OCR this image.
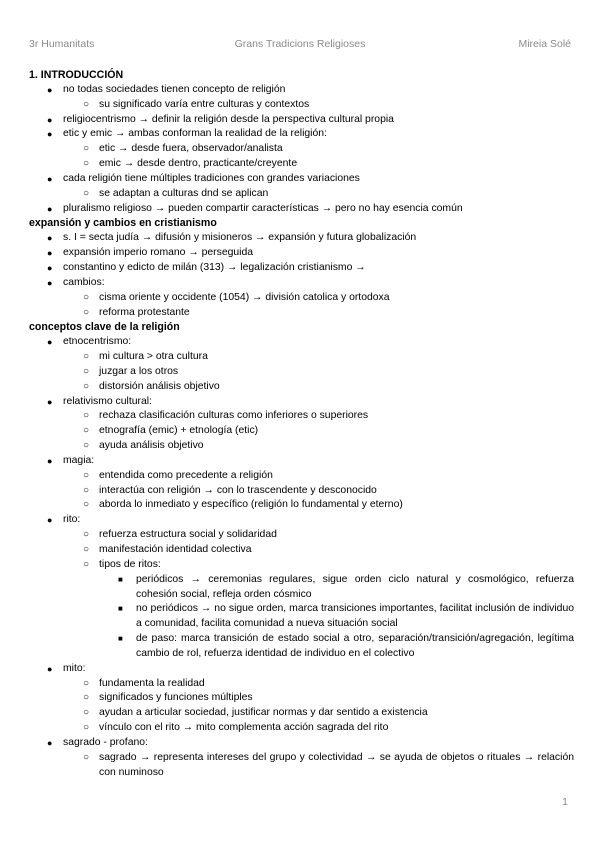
3r Humanitats	Grans Tradicions Religioses	Mireia Solé
1. INTRODUCCIÓN
● no todas sociedades tienen concepto de religión
○ su significado varía entre culturas y contextos
● religiocentrismo → definir la religión desde la perspectiva cultural propia
● etic y emic → ambas conforman la realidad de la religión:
○ etic → desde fuera, observador/analista
○ emic → desde dentro, practicante/creyente
● cada religión tiene múltiples tradiciones con grandes variaciones
○ se adaptan a culturas dnd se aplican
● pluralismo religioso → pueden compartir características → pero no hay esencia común
expansión y cambios en cristianismo
● s. I = secta judía → difusión y misioneros → expansión y futura globalización
● expansión imperio romano → perseguida
● constantino y edicto de milán (313) → legalización cristianismo →
● cambios:
○ cisma oriente y occidente (1054) → división catolica y ortodoxa
○ reforma protestante
conceptos clave de la religión
● etnocentrismo:
○ mi cultura > otra cultura
○ juzgar a los otros
○ distorsión análisis objetivo
● relativismo cultural:
○ rechaza clasificación culturas como inferiores o superiores
○ etnografía (emic) + etnología (etic)
○ ayuda análisis objetivo
● magia:
○ entendida como precedente a religión
○ interactúa con religión → con lo trascendente y desconocido
○ aborda lo inmediato y específico (religión lo fundamental y eterno)
● rito:
○ refuerza estructura social y solidaridad
○ manifestación identidad colectiva
○ tipos de ritos:
■ periódicos → ceremonias regulares, sigue orden ciclo natural y cosmológico, refuerza cohesión social, refleja orden cósmico
■ no periódicos → no sigue orden, marca transiciones importantes, facilitat inclusión de individuo a comunidad, facilita comunidad a nueva situación social
■ de paso: marca transición de estado social a otro, separación/transición/agregación, legítima cambio de rol, refuerza identidad de individuo en el colectivo
● mito:
○ fundamenta la realidad
○ significados y funciones múltiples
○ ayudan a articular sociedad, justificar normas y dar sentido a existencia
○ vínculo con el rito → mito complementa acción sagrada del rito
● sagrado - profano:
○ sagrado → representa intereses del grupo y colectividad → se ayuda de objetos o rituales → relación con numinoso
1
